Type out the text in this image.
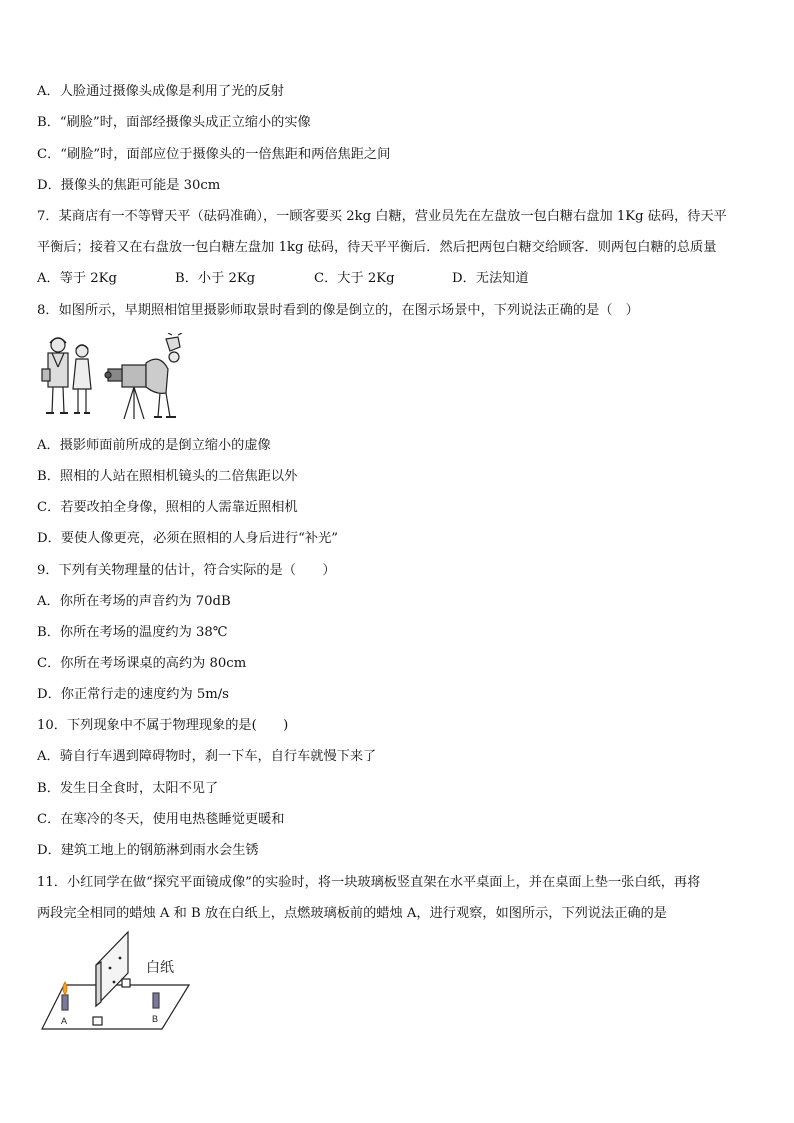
A．人脸通过摄像头成像是利用了光的反射
B．“刷脸”时，面部经摄像头成正立缩小的实像
C．“刷脸”时，面部应位于摄像头的一倍焦距和两倍焦距之间
D．摄像头的焦距可能是 30cm
7．某商店有一不等臂天平（砝码准确），一顾客要买 2kg 白糖，营业员先在左盘放一包白糖右盘加 1Kg 砝码，待天平
平衡后；接着又在右盘放一包白糖左盘加 1kg 砝码，待天平平衡后．然后把两包白糖交给顾客．则两包白糖的总质量
A．等于 2Kg	B．小于 2Kg	C．大于 2Kg	D．无法知道
8．如图所示，早期照相馆里摄影师取景时看到的像是倒立的，在图示场景中，下列说法正确的是（　）
A．摄影师面前所成的是倒立缩小的虚像
B．照相的人站在照相机镜头的二倍焦距以外
C．若要改拍全身像，照相的人需靠近照相机
D．要使人像更亮，必须在照相的人身后进行“补光”
9．下列有关物理量的估计，符合实际的是（　　）
A．你所在考场的声音约为 70dB
B．你所在考场的温度约为 38℃
C．你所在考场课桌的高约为 80cm
D．你正常行走的速度约为 5m/s
10．下列现象中不属于物理现象的是(　　)
A．骑自行车遇到障碍物时，刹一下车，自行车就慢下来了
B．发生日全食时，太阳不见了
C．在寒冷的冬天，使用电热毯睡觉更暖和
D．建筑工地上的钢筋淋到雨水会生锈
11．小红同学在做“探究平面镜成像”的实验时，将一块玻璃板竖直架在水平桌面上，并在桌面上垫一张白纸，再将
两段完全相同的蜡烛 A 和 B 放在白纸上，点燃玻璃板前的蜡烛 A，进行观察，如图所示，下列说法正确的是
白纸
A	B
